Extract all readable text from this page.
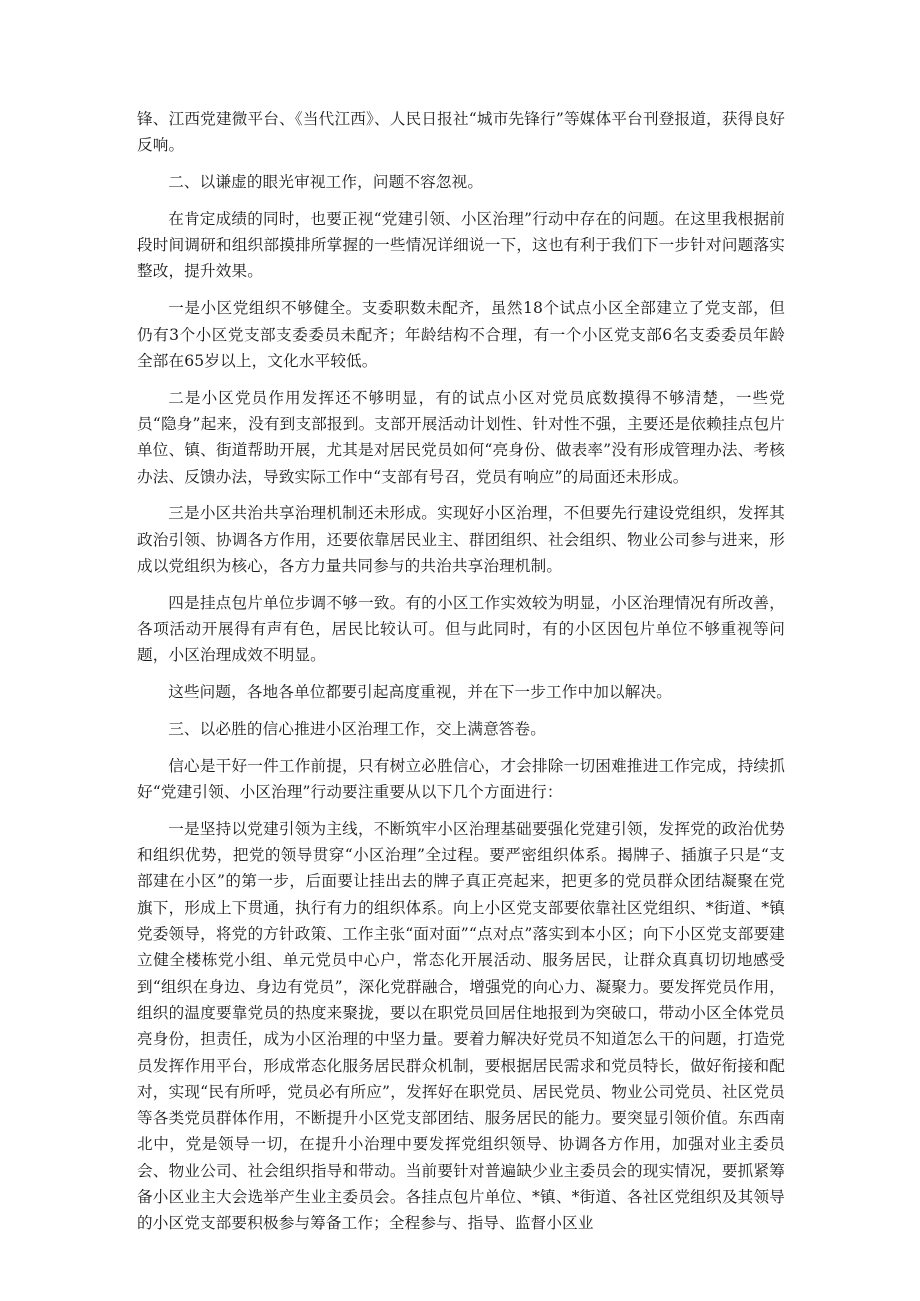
锋、江西党建微平台、《当代江西》、人民日报社“城市先锋行”等媒体平台刊登报道，获得良好反响。

二、以谦虚的眼光审视工作，问题不容忽视。

在肯定成绩的同时，也要正视“党建引领、小区治理”行动中存在的问题。在这里我根据前段时间调研和组织部摸排所掌握的一些情况详细说一下，这也有利于我们下一步针对问题落实整改，提升效果。

一是小区党组织不够健全。支委职数未配齐，虽然18个试点小区全部建立了党支部，但仍有3个小区党支部支委委员未配齐；年龄结构不合理，有一个小区党支部6名支委委员年龄全部在65岁以上，文化水平较低。

二是小区党员作用发挥还不够明显，有的试点小区对党员底数摸得不够清楚，一些党员“隐身”起来，没有到支部报到。支部开展活动计划性、针对性不强，主要还是依赖挂点包片单位、镇、街道帮助开展，尤其是对居民党员如何“亮身份、做表率”没有形成管理办法、考核办法、反馈办法，导致实际工作中“支部有号召，党员有响应”的局面还未形成。

三是小区共治共享治理机制还未形成。实现好小区治理，不但要先行建设党组织，发挥其政治引领、协调各方作用，还要依靠居民业主、群团组织、社会组织、物业公司参与进来，形成以党组织为核心，各方力量共同参与的共治共享治理机制。

四是挂点包片单位步调不够一致。有的小区工作实效较为明显，小区治理情况有所改善，各项活动开展得有声有色，居民比较认可。但与此同时，有的小区因包片单位不够重视等问题，小区治理成效不明显。

这些问题，各地各单位都要引起高度重视，并在下一步工作中加以解决。

三、以必胜的信心推进小区治理工作，交上满意答卷。

信心是干好一件工作前提，只有树立必胜信心，才会排除一切困难推进工作完成，持续抓好“党建引领、小区治理”行动要注重要从以下几个方面进行：

一是坚持以党建引领为主线，不断筑牢小区治理基础要强化党建引领，发挥党的政治优势和组织优势，把党的领导贯穿“小区治理”全过程。要严密组织体系。揭牌子、插旗子只是“支部建在小区”的第一步，后面要让挂出去的牌子真正亮起来，把更多的党员群众团结凝聚在党旗下，形成上下贯通，执行有力的组织体系。向上小区党支部要依靠社区党组织、*街道、*镇党委领导，将党的方针政策、工作主张“面对面”“点对点”落实到本小区；向下小区党支部要建立健全楼栋党小组、单元党员中心户，常态化开展活动、服务居民，让群众真真切切地感受到“组织在身边、身边有党员”，深化党群融合，增强党的向心力、凝聚力。要发挥党员作用，组织的温度要靠党员的热度来聚拢，要以在职党员回居住地报到为突破口，带动小区全体党员亮身份，担责任，成为小区治理的中坚力量。要着力解决好党员不知道怎么干的问题，打造党员发挥作用平台，形成常态化服务居民群众机制，要根据居民需求和党员特长，做好衔接和配对，实现“民有所呼，党员必有所应”，发挥好在职党员、居民党员、物业公司党员、社区党员等各类党员群体作用，不断提升小区党支部团结、服务居民的能力。要突显引领价值。东西南北中，党是领导一切，在提升小治理中要发挥党组织领导、协调各方作用，加强对业主委员会、物业公司、社会组织指导和带动。当前要针对普遍缺少业主委员会的现实情况，要抓紧筹备小区业主大会选举产生业主委员会。各挂点包片单位、*镇、*街道、各社区党组织及其领导的小区党支部要积极参与筹备工作；全程参与、指导、监督小区业
